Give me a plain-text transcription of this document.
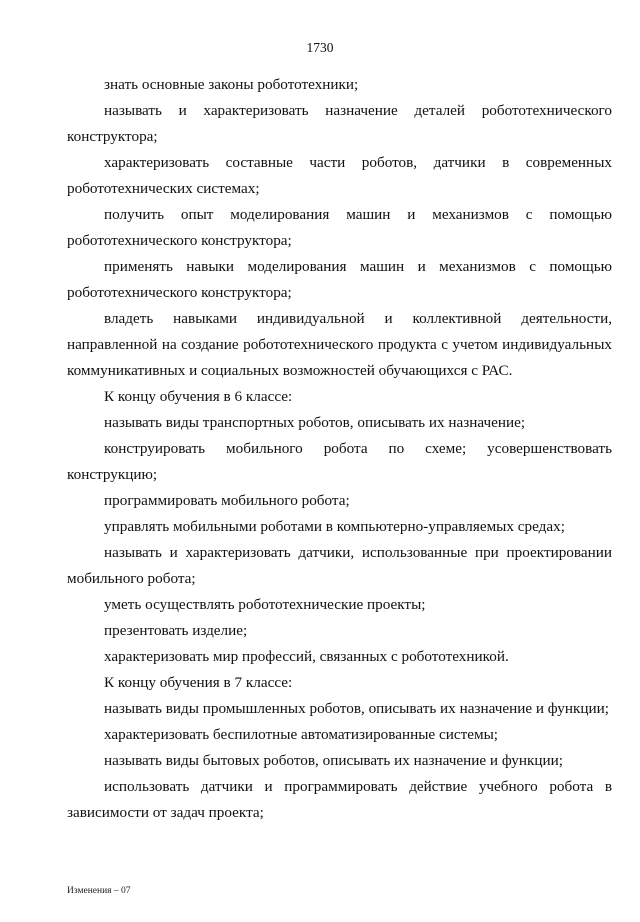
1730

знать основные законы робототехники;

называть и характеризовать назначение деталей робототехнического конструктора;

характеризовать составные части роботов, датчики в современных робототехнических системах;

получить опыт моделирования машин и механизмов с помощью робототехнического конструктора;

применять навыки моделирования машин и механизмов с помощью робототехнического конструктора;

владеть навыками индивидуальной и коллективной деятельности, направленной на создание робототехнического продукта с учетом индивидуальных коммуникативных и социальных возможностей обучающихся с РАС.

К концу обучения в 6 классе:

называть виды транспортных роботов, описывать их назначение;

конструировать мобильного робота по схеме; усовершенствовать конструкцию;

программировать мобильного робота;

управлять мобильными роботами в компьютерно-управляемых средах;

называть и характеризовать датчики, использованные при проектировании мобильного робота;

уметь осуществлять робототехнические проекты;

презентовать изделие;

характеризовать мир профессий, связанных с робототехникой.

К концу обучения в 7 классе:

называть виды промышленных роботов, описывать их назначение и функции;

характеризовать беспилотные автоматизированные системы;

называть виды бытовых роботов, описывать их назначение и функции;

использовать датчики и программировать действие учебного робота в зависимости от задач проекта;

Изменения – 07
